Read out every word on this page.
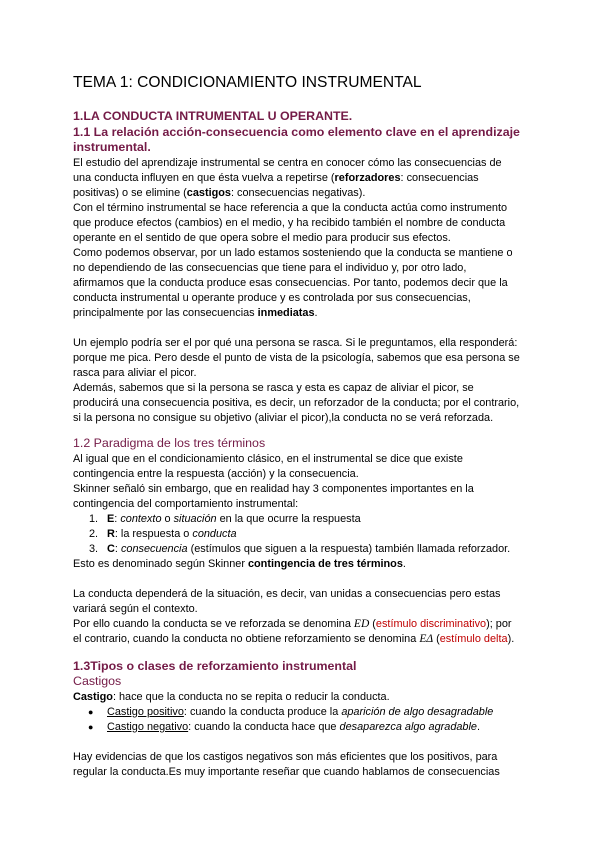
TEMA 1: CONDICIONAMIENTO INSTRUMENTAL
1.LA CONDUCTA INTRUMENTAL U OPERANTE.
1.1 La relación acción-consecuencia como elemento clave en el aprendizaje
instrumental.
El estudio del aprendizaje instrumental se centra en conocer cómo las consecuencias de
una conducta influyen en que ésta vuelva a repetirse (reforzadores: consecuencias
positivas) o se elimine (castigos: consecuencias negativas).
Con el término instrumental se hace referencia a que la conducta actúa como instrumento
que produce efectos (cambios) en el medio, y ha recibido también el nombre de conducta
operante en el sentido de que opera sobre el medio para producir sus efectos.
Como podemos observar, por un lado estamos sosteniendo que la conducta se mantiene o
no dependiendo de las consecuencias que tiene para el individuo y, por otro lado,
afirmamos que la conducta produce esas consecuencias. Por tanto, podemos decir que la
conducta instrumental u operante produce y es controlada por sus consecuencias,
principalmente por las consecuencias inmediatas.
Un ejemplo podría ser el por qué una persona se rasca. Si le preguntamos, ella responderá:
porque me pica. Pero desde el punto de vista de la psicología, sabemos que esa persona se
rasca para aliviar el picor.
Además, sabemos que si la persona se rasca y esta es capaz de aliviar el picor, se
producirá una consecuencia positiva, es decir, un reforzador de la conducta; por el contrario,
si la persona no consigue su objetivo (aliviar el picor),la conducta no se verá reforzada.
1.2 Paradigma de los tres términos
Al igual que en el condicionamiento clásico, en el instrumental se dice que existe
contingencia entre la respuesta (acción) y la consecuencia.
Skinner señaló sin embargo, que en realidad hay 3 componentes importantes en la
contingencia del comportamiento instrumental:
1. E: contexto o situación en la que ocurre la respuesta
2. R: la respuesta o conducta
3. C: consecuencia (estímulos que siguen a la respuesta) también llamada reforzador.
Esto es denominado según Skinner contingencia de tres términos.
La conducta dependerá de la situación, es decir, van unidas a consecuencias pero estas
variará según el contexto.
Por ello cuando la conducta se ve reforzada se denomina ED (estímulo discriminativo); por
el contrario, cuando la conducta no obtiene reforzamiento se denomina EΔ (estímulo delta).
1.3Tipos o clases de reforzamiento instrumental
Castigos
Castigo: hace que la conducta no se repita o reducir la conducta.
● Castigo positivo: cuando la conducta produce la aparición de algo desagradable
● Castigo negativo: cuando la conducta hace que desaparezca algo agradable.
Hay evidencias de que los castigos negativos son más eficientes que los positivos, para
regular la conducta.Es muy importante reseñar que cuando hablamos de consecuencias
